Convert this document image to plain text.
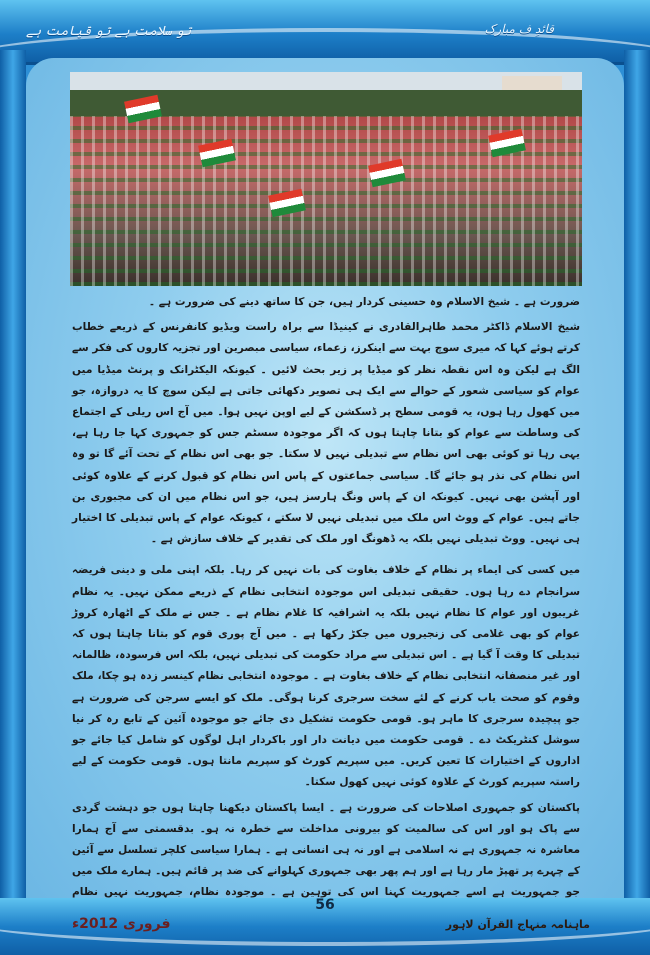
تو سلامت ہے تو قیامت ہے	قائدِ ف مبارک

ضرورت ہے ۔ شیخ الاسلام وہ حسینی کردار ہیں، جن کا ساتھ دینے کی ضرورت ہے ۔

شیخ الاسلام ڈاکٹر محمد طاہرالقادری نے کینیڈا سے براہ راست ویڈیو کانفرنس کے ذریعے خطاب کرتے ہوئے کہا کہ میری سوچ بہت سے اینکرز، زعماء، سیاسی مبصرین اور تجزیہ کاروں کی فکر سے الگ ہے لیکن وہ اس نقطہ نظر کو میڈیا پر زیر بحث لائیں ۔ کیونکہ الیکٹرانک و پرنٹ میڈیا میں عوام کو سیاسی شعور کے حوالے سے ایک ہی تصویر دکھائی جاتی ہے لیکن سوچ کا یہ دروازہ، جو میں کھول رہا ہوں، یہ قومی سطح پر ڈسکشن کے لیے اوپن نہیں ہوا۔ میں آج اس ریلی کے اجتماع کی وساطت سے عوام کو بتانا چاہتا ہوں کہ اگر موجودہ سسٹم جس کو جمہوری کہا جا رہا ہے، یہی رہا تو کوئی بھی اس نظام سے تبدیلی نہیں لا سکتا۔ جو بھی اس نظام کے تحت آئے گا تو وہ اس نظام کی نذر ہو جائے گا۔ سیاسی جماعتوں کے پاس اس نظام کو قبول کرنے کے علاوہ کوئی اور آپشن بھی نہیں۔ کیونکہ ان کے پاس ونگ ہارسز ہیں، جو اس نظام میں ان کی مجبوری بن جاتے ہیں۔ عوام کے ووٹ اس ملک میں تبدیلی نہیں لا سکتے ، کیونکہ عوام کے پاس تبدیلی کا اختیار ہی نہیں۔ ووٹ تبدیلی نہیں بلکہ یہ ڈھونگ اور ملک کی تقدیر کے خلاف سازش ہے ۔

میں کسی کی ایماء پر نظام کے خلاف بغاوت کی بات نہیں کر رہا۔ بلکہ اپنی ملی و دینی فریضہ سرانجام دے رہا ہوں۔ حقیقی تبدیلی اس موجودہ انتخابی نظام کے ذریعے ممکن نہیں۔ یہ نظام غریبوں اور عوام کا نظام نہیں بلکہ یہ اشرافیہ کا غلام نظام ہے ۔ جس نے ملک کے اٹھارہ کروڑ عوام کو بھی غلامی کی زنجیروں میں جکڑ رکھا ہے ۔ میں آج پوری قوم کو بتانا چاہتا ہوں کہ تبدیلی کا وقت آ گیا ہے ۔ اس تبدیلی سے مراد حکومت کی تبدیلی نہیں، بلکہ اس فرسودہ، ظالمانہ اور غیر منصفانہ انتخابی نظام کے خلاف بغاوت ہے ۔ موجودہ انتخابی نظام کینسر زدہ ہو چکا، ملک وقوم کو صحت یاب کرنے کے لئے سخت سرجری کرنا ہوگی۔ ملک کو ایسے سرجن کی ضرورت ہے جو پیچیدہ سرجری کا ماہر ہو۔ قومی حکومت تشکیل دی جائے جو موجودہ آئین کے تابع رہ کر نیا سوشل کنٹریکٹ دے ۔ قومی حکومت میں دیانت دار اور باکردار اہل لوگوں کو شامل کیا جائے جو اداروں کے اختیارات کا تعین کریں۔ میں سپریم کورٹ کو سپریم مانتا ہوں۔ قومی حکومت کے لیے راستہ سپریم کورٹ کے علاوہ کوئی نہیں کھول سکتا۔

پاکستان کو جمہوری اصلاحات کی ضرورت ہے ۔ ایسا پاکستان دیکھنا چاہتا ہوں جو دہشت گردی سے پاک ہو اور اس کی سالمیت کو بیرونی مداخلت سے خطرہ نہ ہو۔ بدقسمتی سے آج ہمارا معاشرہ نہ جمہوری ہے نہ اسلامی ہے اور نہ ہی انسانی ہے ۔ ہمارا سیاسی کلچر تسلسل سے آئین کے چہرے پر تھپڑ مار رہا ہے اور ہم پھر بھی جمہوری کہلوانے کی ضد پر قائم ہیں۔ ہمارے ملک میں جو جمہوریت ہے اسے جمہوریت کہنا اس کی توہین ہے ۔ موجودہ نظام، جمہوریت نہیں نظام

56
ماہنامہ منہاج القرآن لاہور
فروری 2012ء
